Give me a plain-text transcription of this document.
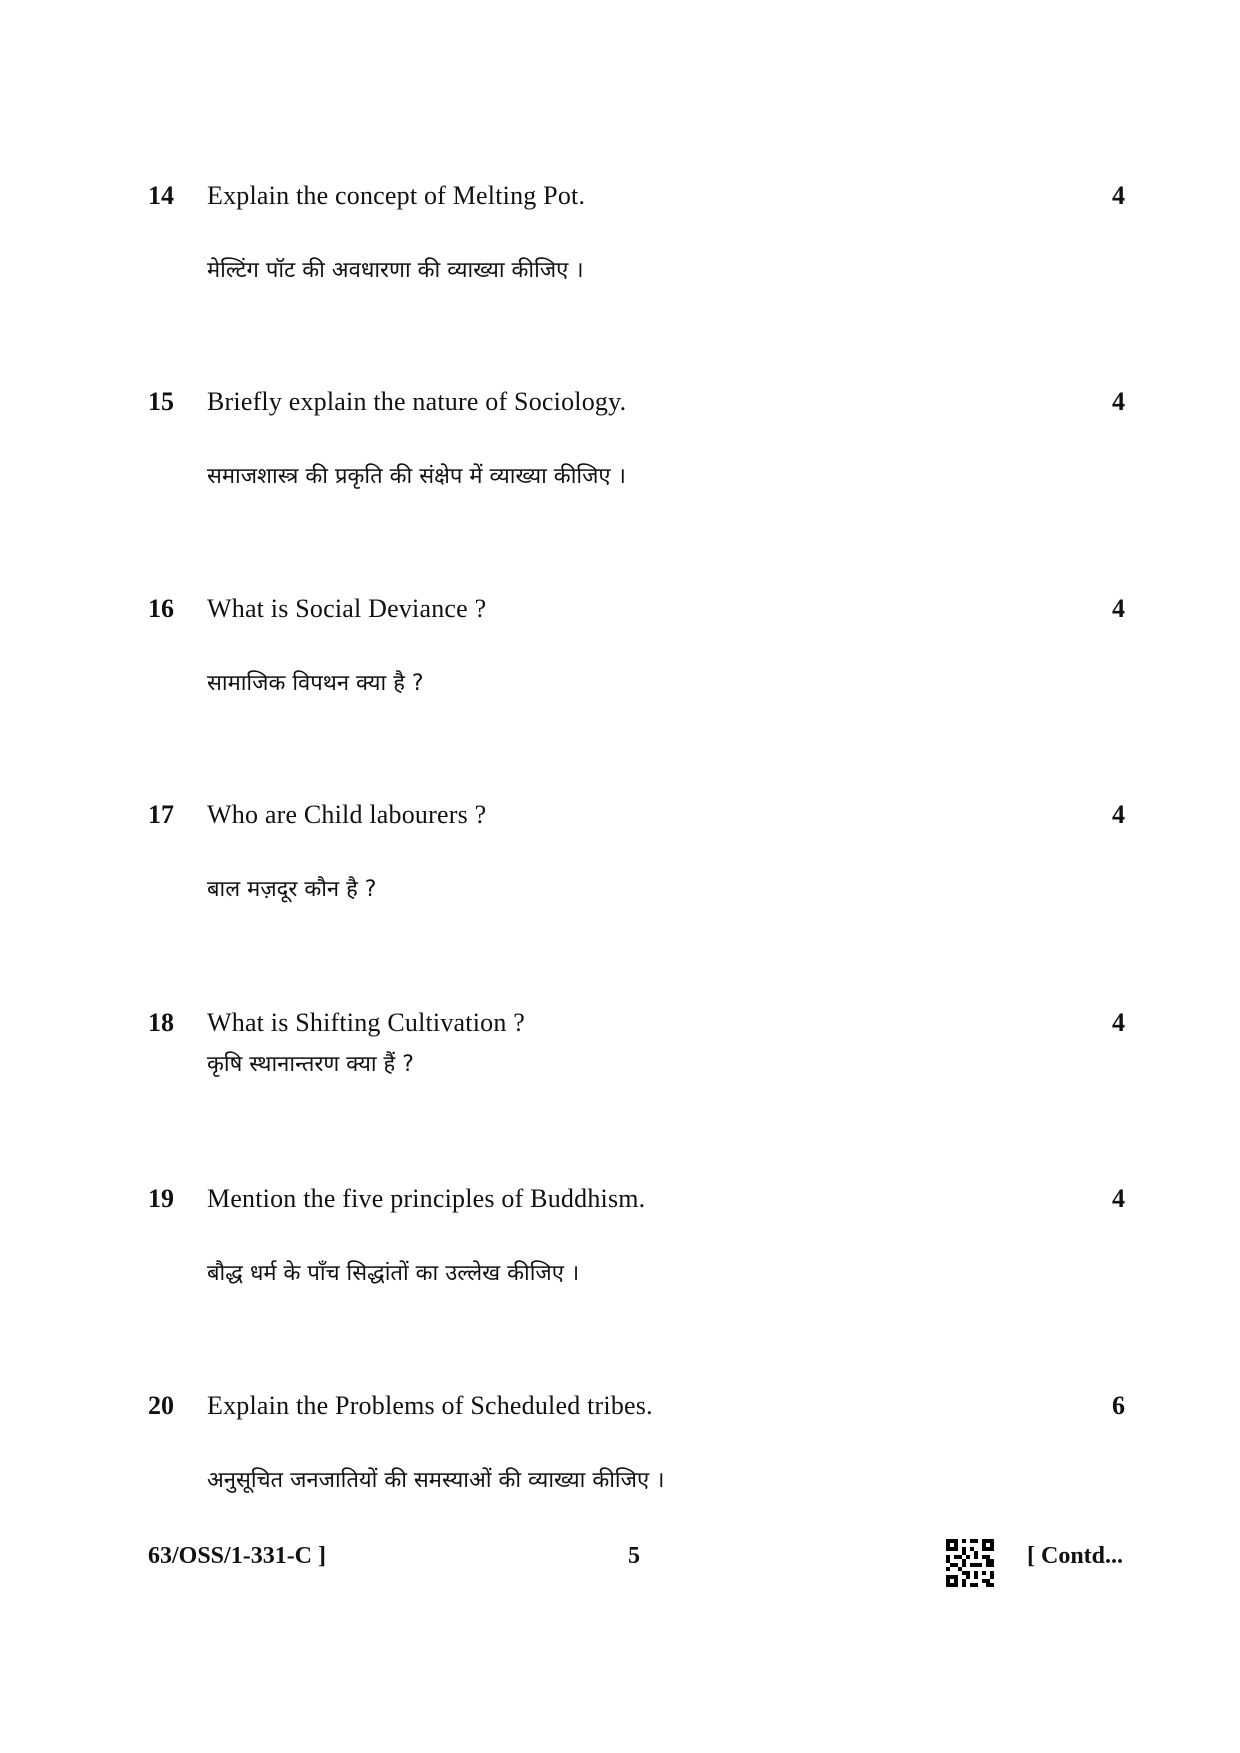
14 Explain the concept of Melting Pot.	4
मेल्टिंग पॉट की अवधारणा की व्याख्या कीजिए ।
15 Briefly explain the nature of Sociology.	4
समाजशास्त्र की प्रकृति की संक्षेप में व्याख्या कीजिए ।
16 What is Social Deviance ?	4
सामाजिक विपथन क्या है ?
17 Who are Child labourers ?	4
बाल मज़दूर कौन है ?
18 What is Shifting Cultivation ?	4
कृषि स्थानान्तरण क्या हैं ?
19 Mention the five principles of Buddhism.	4
बौद्ध धर्म के पाँच सिद्धांतों का उल्लेख कीजिए ।
20 Explain the Problems of Scheduled tribes.	6
अनुसूचित जनजातियों की समस्याओं की व्याख्या कीजिए ।
63/OSS/1-331-C ]	5	[ Contd...
